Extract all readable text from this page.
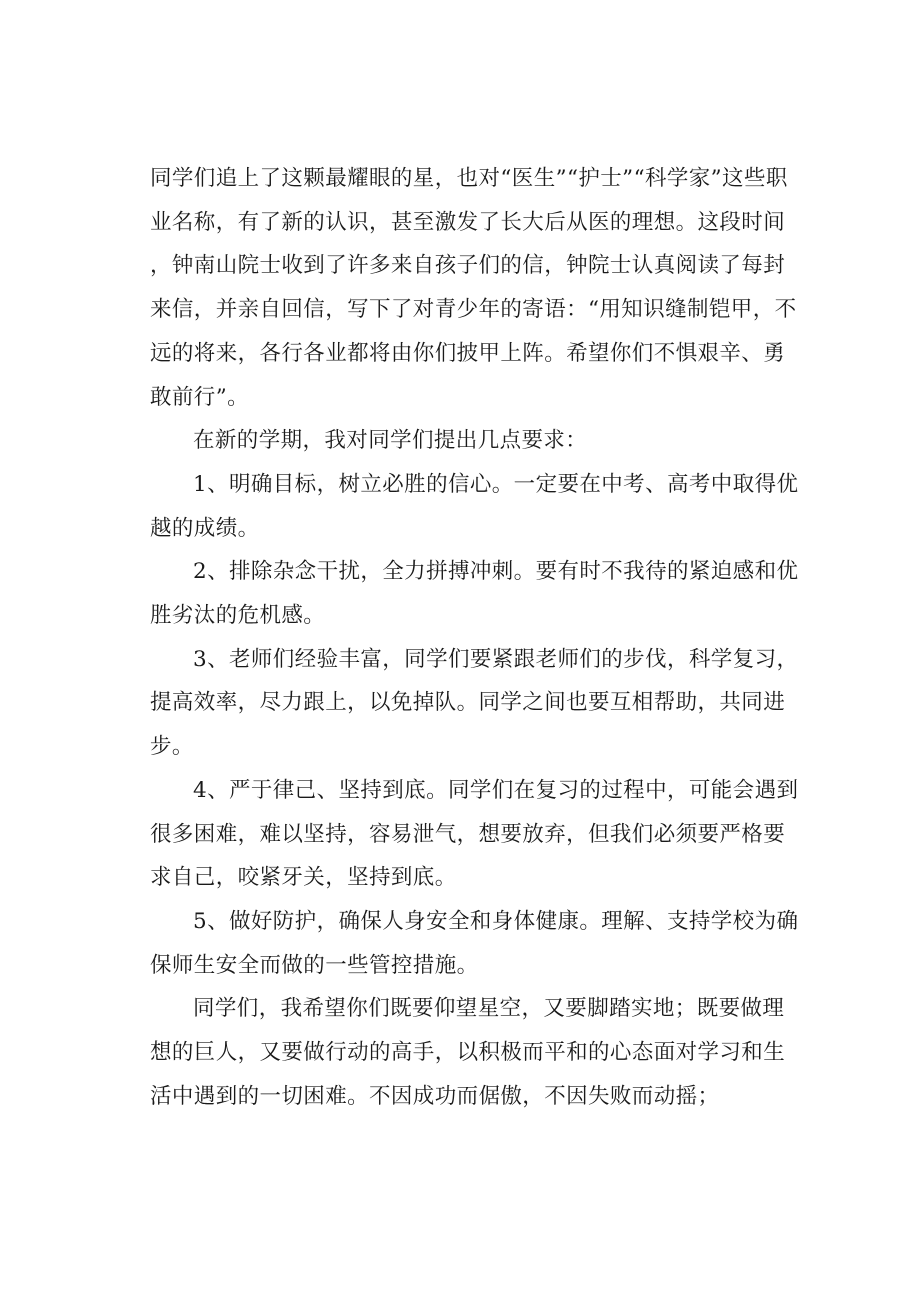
同学们追上了这颗最耀眼的星，也对“医生”“护士”“科学家”这些职业名称，有了新的认识，甚至激发了长大后从医的理想。这段时间，钟南山院士收到了许多来自孩子们的信，钟院士认真阅读了每封来信，并亲自回信，写下了对青少年的寄语：“用知识缝制铠甲，不远的将来，各行各业都将由你们披甲上阵。希望你们不惧艰辛、勇敢前行”。

在新的学期，我对同学们提出几点要求：

1、明确目标，树立必胜的信心。一定要在中考、高考中取得优越的成绩。

2、排除杂念干扰，全力拼搏冲刺。要有时不我待的紧迫感和优胜劣汰的危机感。

3、老师们经验丰富，同学们要紧跟老师们的步伐，科学复习，提高效率，尽力跟上，以免掉队。同学之间也要互相帮助，共同进步。

4、严于律己、坚持到底。同学们在复习的过程中，可能会遇到很多困难，难以坚持，容易泄气，想要放弃，但我们必须要严格要求自己，咬紧牙关，坚持到底。

5、做好防护，确保人身安全和身体健康。理解、支持学校为确保师生安全而做的一些管控措施。

同学们，我希望你们既要仰望星空，又要脚踏实地；既要做理想的巨人，又要做行动的高手，以积极而平和的心态面对学习和生活中遇到的一切困难。不因成功而倨傲，不因失败而动摇；
